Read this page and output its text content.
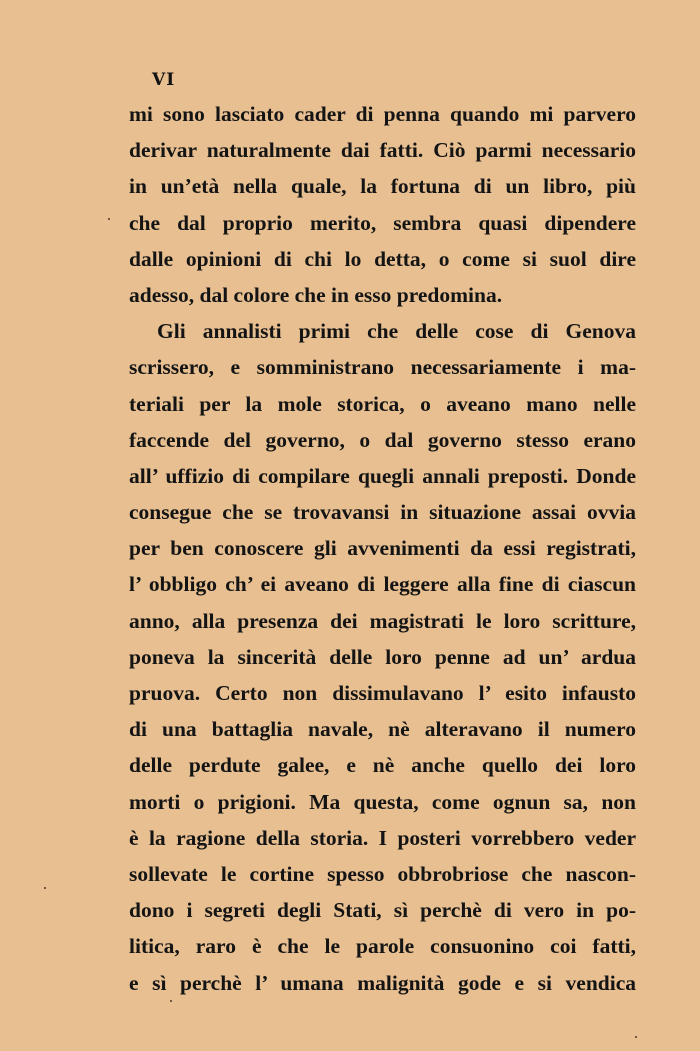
VI
mi sono lasciato cader di penna quando mi parvero
derivar naturalmente dai fatti. Ciò parmi necessario
in un’età nella quale, la fortuna di un libro, più
che dal proprio merito, sembra quasi dipendere
dalle opinioni di chi lo detta, o come si suol dire
adesso, dal colore che in esso predomina.
Gli annalisti primi che delle cose di Genova
scrissero, e somministrano necessariamente i ma-
teriali per la mole storica, o aveano mano nelle
faccende del governo, o dal governo stesso erano
all’ uffizio di compilare quegli annali preposti. Donde
consegue che se trovavansi in situazione assai ovvia
per ben conoscere gli avvenimenti da essi registrati,
l’ obbligo ch’ ei aveano di leggere alla fine di ciascun
anno, alla presenza dei magistrati le loro scritture,
poneva la sincerità delle loro penne ad un’ ardua
pruova. Certo non dissimulavano l’ esito infausto
di una battaglia navale, nè alteravano il numero
delle perdute galee, e nè anche quello dei loro
morti o prigioni. Ma questa, come ognun sa, non
è la ragione della storia. I posteri vorrebbero veder
sollevate le cortine spesso obbrobriose che nascon-
dono i segreti degli Stati, sì perchè di vero in po-
litica, raro è che le parole consuonino coi fatti,
e sì perchè l’ umana malignità gode e si vendica
